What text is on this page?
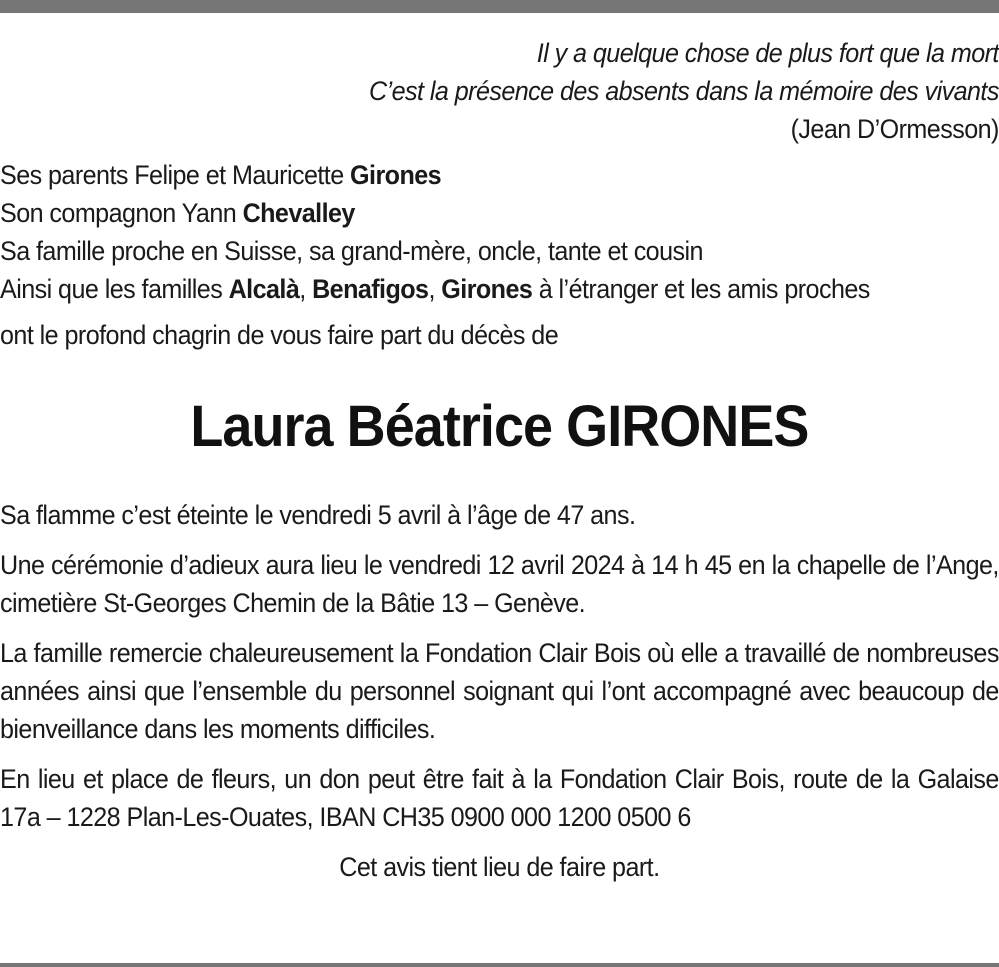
Il y a quelque chose de plus fort que la mort
C’est la présence des absents dans la mémoire des vivants
(Jean D’Ormesson)
Ses parents Felipe et Mauricette Girones
Son compagnon Yann Chevalley
Sa famille proche en Suisse, sa grand-mère, oncle, tante et cousin
Ainsi que les familles Alcalà, Benafigos, Girones à l’étranger et les amis proches
ont le profond chagrin de vous faire part du décès de
Laura Béatrice GIRONES

Sa flamme c’est éteinte le vendredi 5 avril à l’âge de 47 ans.

Une cérémonie d’adieux aura lieu le vendredi 12 avril 2024 à 14 h 45 en la chapelle de l’Ange, cimetière St-Georges Chemin de la Bâtie 13 – Genève.

La famille remercie chaleureusement la Fondation Clair Bois où elle a travaillé de nombreuses années ainsi que l’ensemble du personnel soignant qui l’ont accompagné avec beaucoup de bienveillance dans les moments difficiles.

En lieu et place de fleurs, un don peut être fait à la Fondation Clair Bois, route de la Galaise 17a – 1228 Plan-Les-Ouates, IBAN CH35 0900 000 1200 0500 6

Cet avis tient lieu de faire part.
